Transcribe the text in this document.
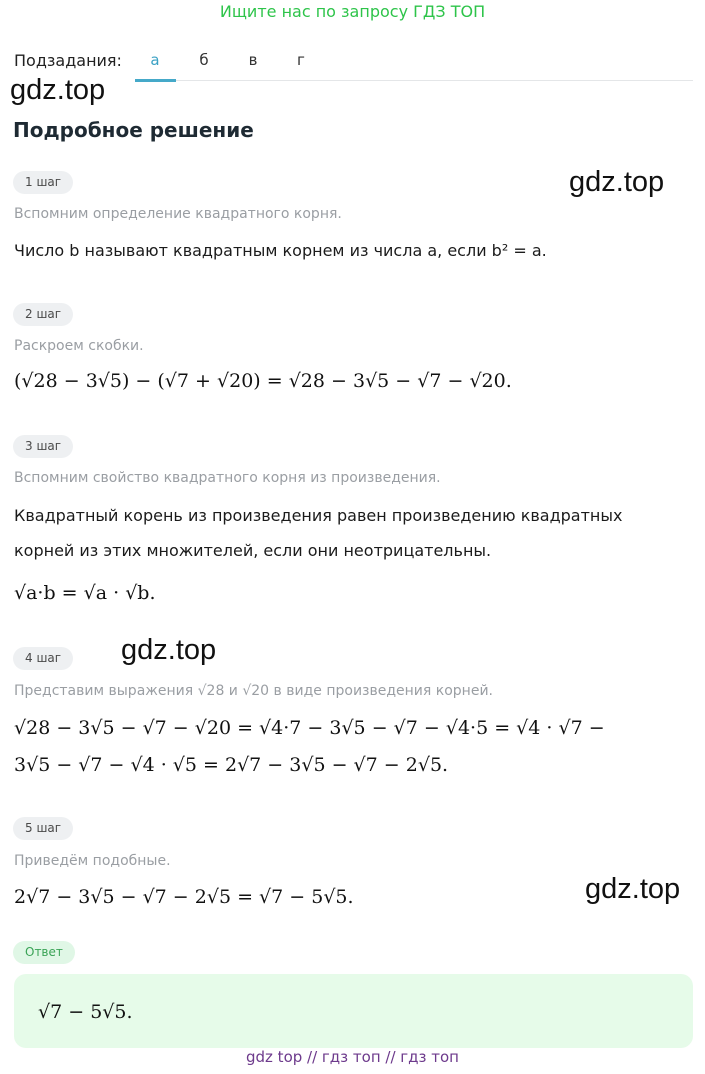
Ищите нас по запросу ГДЗ ТОП
Подзадания:	а	б	в	г
gdz.top
Подробное решение
gdz.top
1 шаг
Вспомним определение квадратного корня.
Число b называют квадратным корнем из числа a, если b² = a.
2 шаг
Раскроем скобки.
(√28 − 3√5) − (√7 + √20) = √28 − 3√5 − √7 − √20.
3 шаг
Вспомним свойство квадратного корня из произведения.
Квадратный корень из произведения равен произведению квадратных
корней из этих множителей, если они неотрицательны.
√a·b = √a · √b.
gdz.top
4 шаг
Представим выражения √28 и √20 в виде произведения корней.
√28 − 3√5 − √7 − √20 = √4·7 − 3√5 − √7 − √4·5 = √4 · √7 −
3√5 − √7 − √4 · √5 = 2√7 − 3√5 − √7 − 2√5.
5 шаг
Приведём подобные.
2√7 − 3√5 − √7 − 2√5 = √7 − 5√5.	gdz.top
Ответ
√7 − 5√5.
gdz top // гдз топ // гдз топ
